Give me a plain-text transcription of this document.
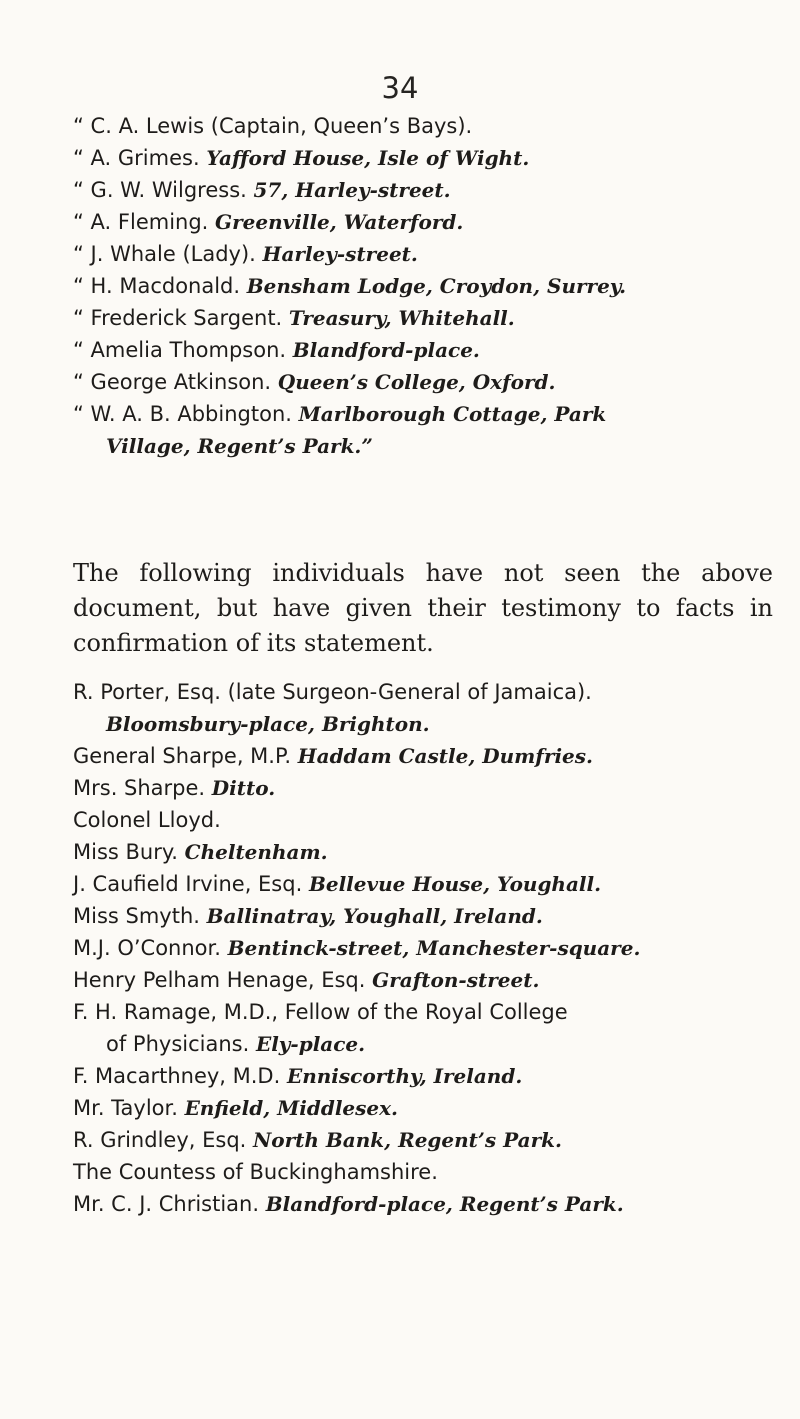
34
“ C. A. Lewis (Captain, Queen’s Bays).
“ A. Grimes. Yafford House, Isle of Wight.
“ G. W. Wilgress. 57, Harley-street.
“ A. Fleming. Greenville, Waterford.
“ J. Whale (Lady). Harley-street.
“ H. Macdonald. Bensham Lodge, Croydon, Surrey.
“ Frederick Sargent. Treasury, Whitehall.
“ Amelia Thompson. Blandford-place.
“ George Atkinson. Queen’s College, Oxford.
“ W. A. B. Abbington. Marlborough Cottage, Park
Village, Regent’s Park.”
The following individuals have not seen the above document, but have given their testimony to facts in confirmation of its statement.
R. Porter, Esq. (late Surgeon-General of Jamaica).
Bloomsbury-place, Brighton.
General Sharpe, M.P. Haddam Castle, Dumfries.
Mrs. Sharpe. Ditto.
Colonel Lloyd.
Miss Bury. Cheltenham.
J. Caufield Irvine, Esq. Bellevue House, Youghall.
Miss Smyth. Ballinatray, Youghall, Ireland.
M.J. O’Connor. Bentinck-street, Manchester-square.
Henry Pelham Henage, Esq. Grafton-street.
F. H. Ramage, M.D., Fellow of the Royal College
of Physicians. Ely-place.
F. Macarthney, M.D. Enniscorthy, Ireland.
Mr. Taylor. Enfield, Middlesex.
R. Grindley, Esq. North Bank, Regent’s Park.
The Countess of Buckinghamshire.
Mr. C. J. Christian. Blandford-place, Regent’s Park.
